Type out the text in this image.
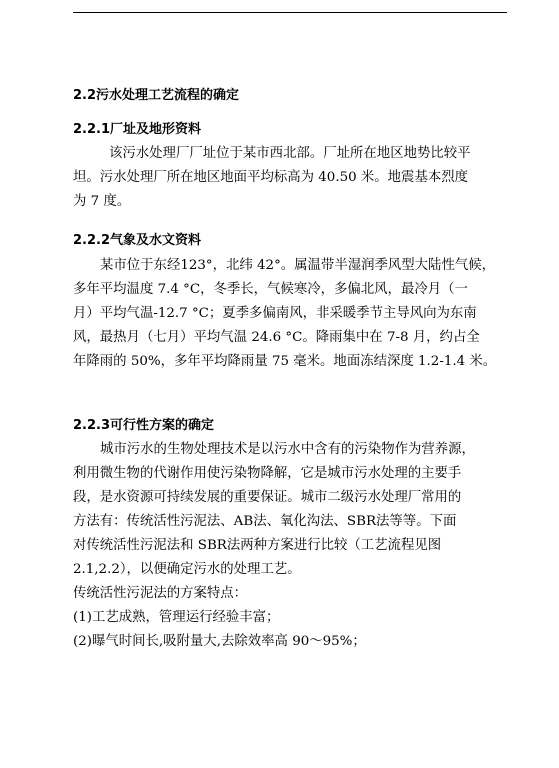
2.2污水处理工艺流程的确定
2.2.1厂址及地形资料
该污水处理厂厂址位于某市西北部。厂址所在地区地势比较平
坦。污水处理厂所在地区地面平均标高为 40.50 米。地震基本烈度
为 7 度。
2.2.2气象及水文资料
某市位于东经123°，北纬 42°。属温带半湿润季风型大陆性气候，
多年平均温度 7.4 °C，冬季长，气候寒冷，多偏北风，最冷月（一
月）平均气温-12.7 °C；夏季多偏南风，非采暖季节主导风向为东南
风，最热月（七月）平均气温 24.6 °C。降雨集中在 7-8 月，约占全
年降雨的 50%，多年平均降雨量 75 毫米。地面冻结深度 1.2-1.4 米。
2.2.3可行性方案的确定
城市污水的生物处理技术是以污水中含有的污染物作为营养源，
利用微生物的代谢作用使污染物降解，它是城市污水处理的主要手
段，是水资源可持续发展的重要保证。城市二级污水处理厂常用的
方法有：传统活性污泥法、AB法、氧化沟法、SBR法等等。下面
对传统活性污泥法和 SBR法两种方案进行比较（工艺流程见图
2.1,2.2），以便确定污水的处理工艺。
传统活性污泥法的方案特点：
(1)工艺成熟，管理运行经验丰富；
(2)曝气时间长,吸附量大,去除效率高 90～95%；
